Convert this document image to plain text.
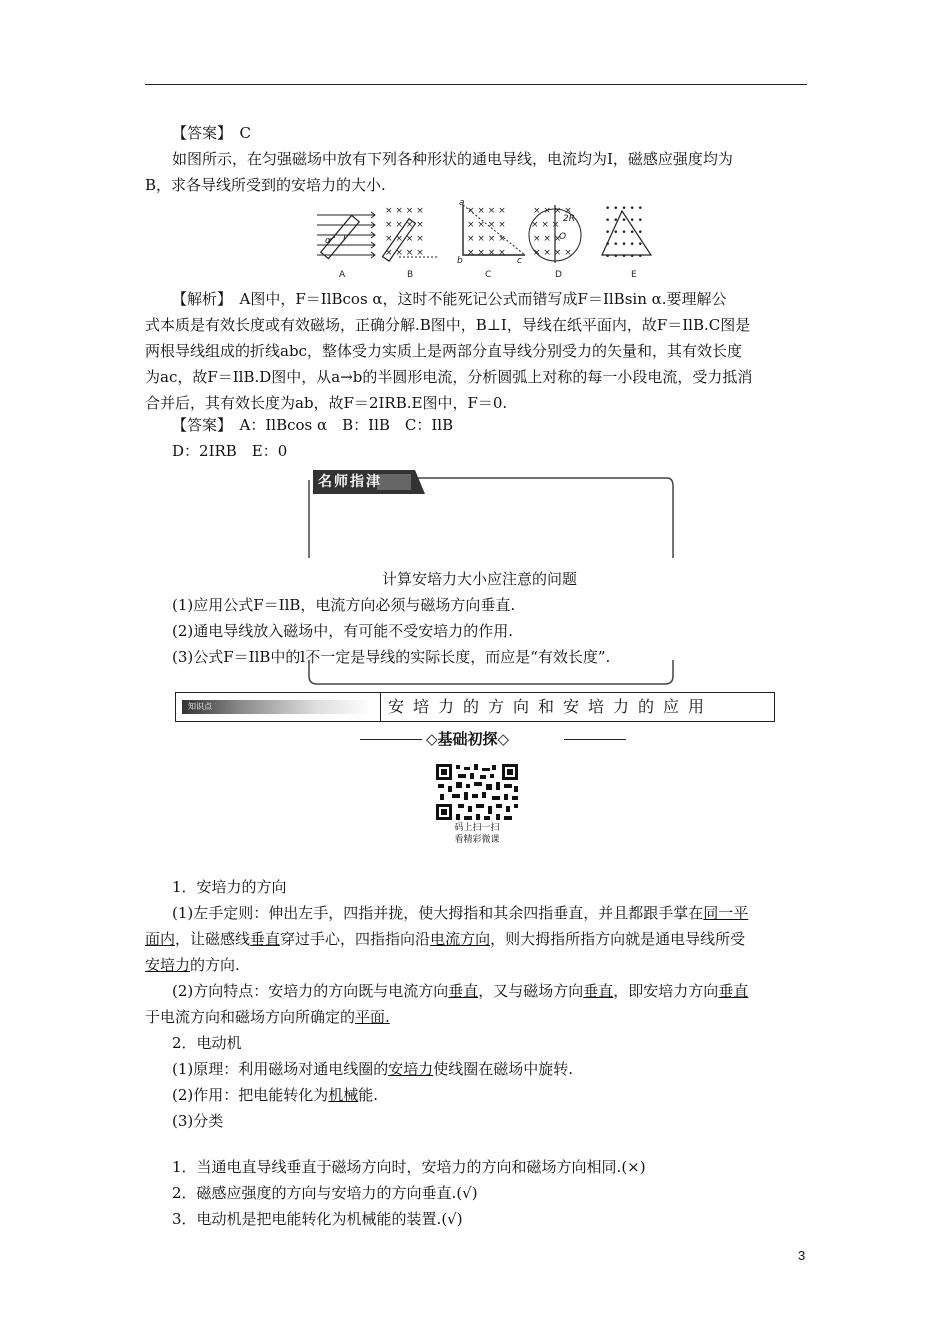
【答案】　 C
如图所示，在匀强磁场中放有下列各种形状的通电导线，电流均为I，磁感应强度均为
B，求各导线所受到的安培力的大小.
× × × ×
× × × ×
× × × ×
× × × ×
× × × ×
× × × ×
× × × ×
× × × ×
× × × ×
× × ×
× × ×
× × × ×
• • • • •
• • • • •
• • • • •
• • • • •
• • • • •
A	B	C	D	E
α I
a
b	c
2R
O
【解析】　 A图中，F＝IlBcos α，这时不能死记公式而错写成F＝IlBsin α.要理解公
式本质是有效长度或有效磁场，正确分解.B图中，B⊥I，导线在纸平面内，故F＝IlB.C图是
两根导线组成的折线abc，整体受力实质上是两部分直导线分别受力的矢量和，其有效长度
为ac，故F＝IlB.D图中，从a→b的半圆形电流，分析圆弧上对称的每一小段电流，受力抵消
合并后，其有效长度为ab，故F＝2IRB.E图中，F＝0.
【答案】　 A：IlBcos α　B：IlB　C：IlB
D：2IRB　E：0
名师指津
计算安培力大小应注意的问题
(1)应用公式F＝IlB，电流方向必须与磁场方向垂直.
(2)通电导线放入磁场中，有可能不受安培力的作用.
(3)公式F＝IlB中的l不一定是导线的实际长度，而应是“有效长度”.
知识点	安培力的方向和安培力的应用
◇基础初探◇
码上扫一扫
看精彩微课
1．安培力的方向
(1)左手定则：伸出左手，四指并拢，使大拇指和其余四指垂直，并且都跟手掌在同一平
面内，让磁感线垂直穿过手心，四指指向沿电流方向，则大拇指所指方向就是通电导线所受
安培力的方向.
(2)方向特点：安培力的方向既与电流方向垂直，又与磁场方向垂直，即安培力方向垂直
于电流方向和磁场方向所确定的平面.
2．电动机
(1)原理：利用磁场对通电线圈的安培力使线圈在磁场中旋转.
(2)作用：把电能转化为机械能.
(3)分类
1．当通电直导线垂直于磁场方向时，安培力的方向和磁场方向相同.(×)
2．磁感应强度的方向与安培力的方向垂直.(√)
3．电动机是把电能转化为机械能的装置.(√)
3
